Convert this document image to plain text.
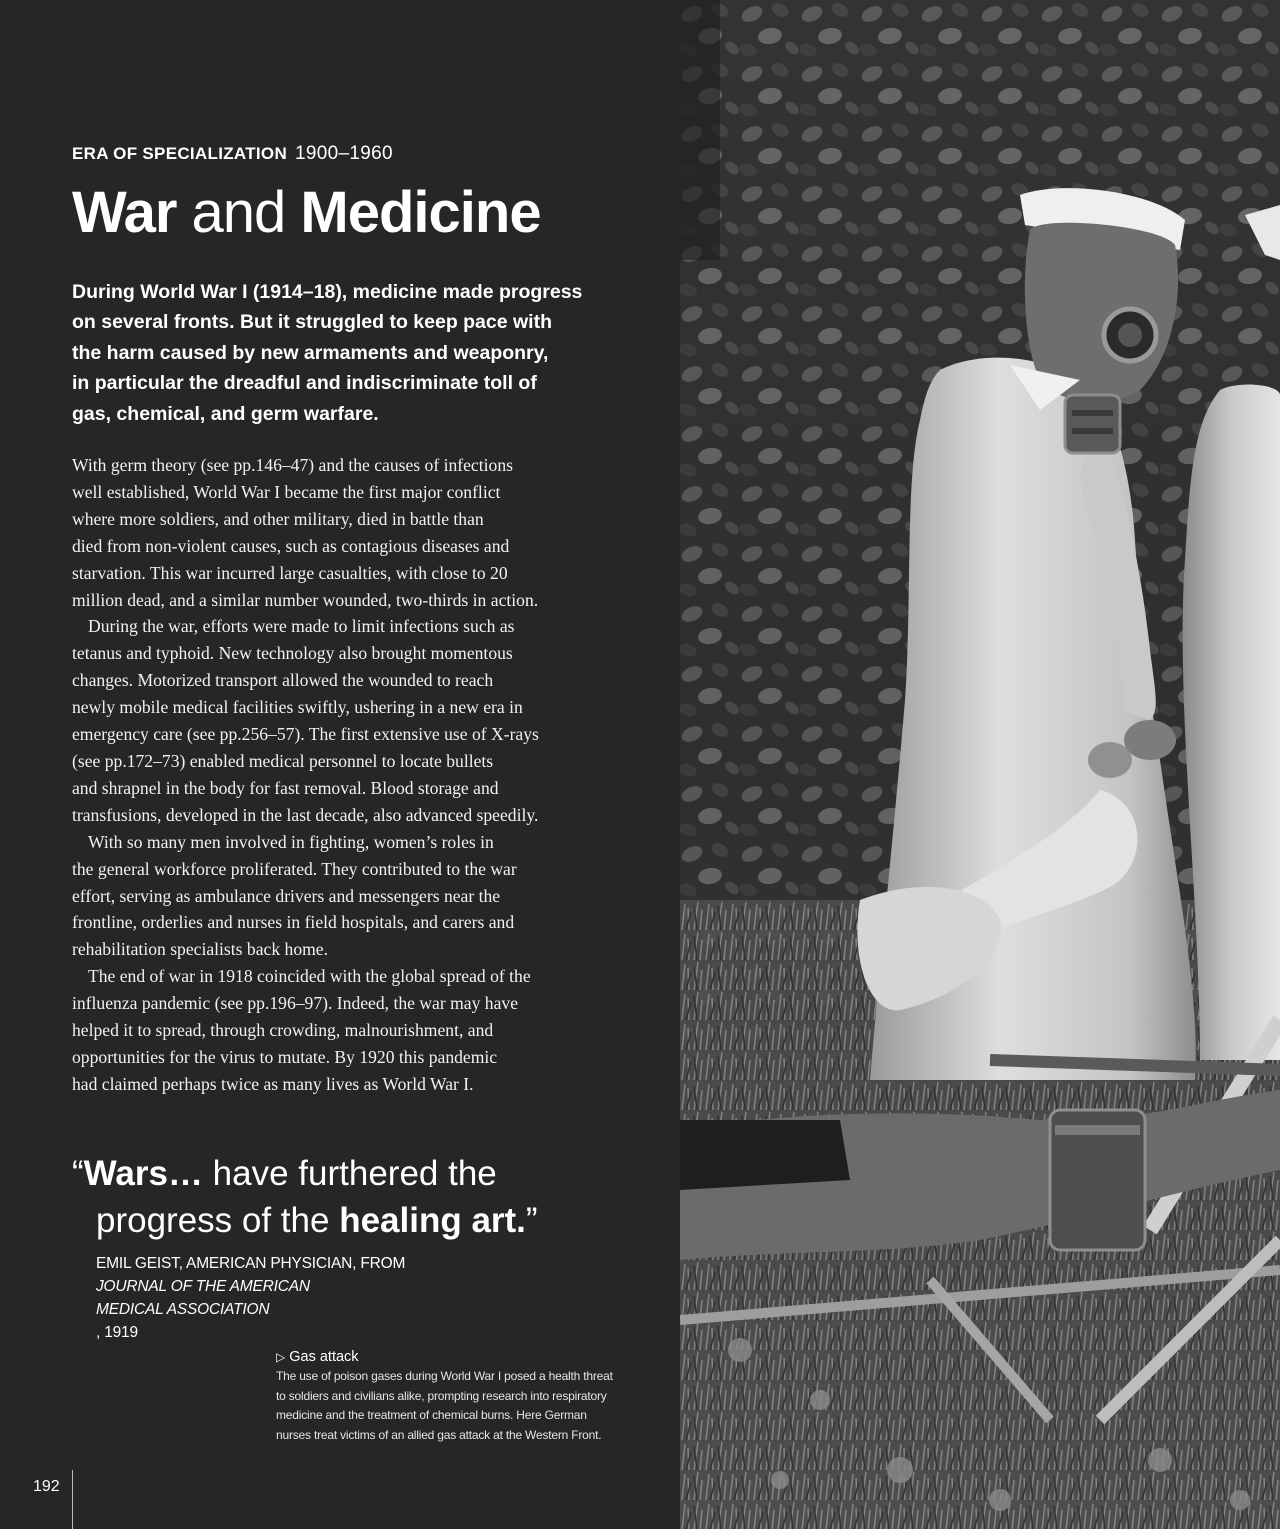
ERA OF SPECIALIZATION 1900–1960
War and Medicine
During World War I (1914–18), medicine made progress
on several fronts. But it struggled to keep pace with
the harm caused by new armaments and weaponry,
in particular the dreadful and indiscriminate toll of
gas, chemical, and germ warfare.
With germ theory (see pp.146–47) and the causes of infections
well established, World War I became the first major conflict
where more soldiers, and other military, died in battle than
died from non-violent causes, such as contagious diseases and
starvation. This war incurred large casualties, with close to 20
million dead, and a similar number wounded, two-thirds in action.
During the war, efforts were made to limit infections such as
tetanus and typhoid. New technology also brought momentous
changes. Motorized transport allowed the wounded to reach
newly mobile medical facilities swiftly, ushering in a new era in
emergency care (see pp.256–57). The first extensive use of X-rays
(see pp.172–73) enabled medical personnel to locate bullets
and shrapnel in the body for fast removal. Blood storage and
transfusions, developed in the last decade, also advanced speedily.
With so many men involved in fighting, women’s roles in
the general workforce proliferated. They contributed to the war
effort, serving as ambulance drivers and messengers near the
frontline, orderlies and nurses in field hospitals, and carers and
rehabilitation specialists back home.
The end of war in 1918 coincided with the global spread of the
influenza pandemic (see pp.196–97). Indeed, the war may have
helped it to spread, through crowding, malnourishment, and
opportunities for the virus to mutate. By 1920 this pandemic
had claimed perhaps twice as many lives as World War I.
“Wars… have furthered the
progress of the healing art.”
EMIL GEIST, AMERICAN PHYSICIAN, FROM
JOURNAL OF THE AMERICAN
MEDICAL ASSOCIATION
, 1919
▷ Gas attack
The use of poison gases during World War I posed a health threat
to soldiers and civilians alike, prompting research into respiratory
medicine and the treatment of chemical burns. Here German
nurses treat victims of an allied gas attack at the Western Front.
192
